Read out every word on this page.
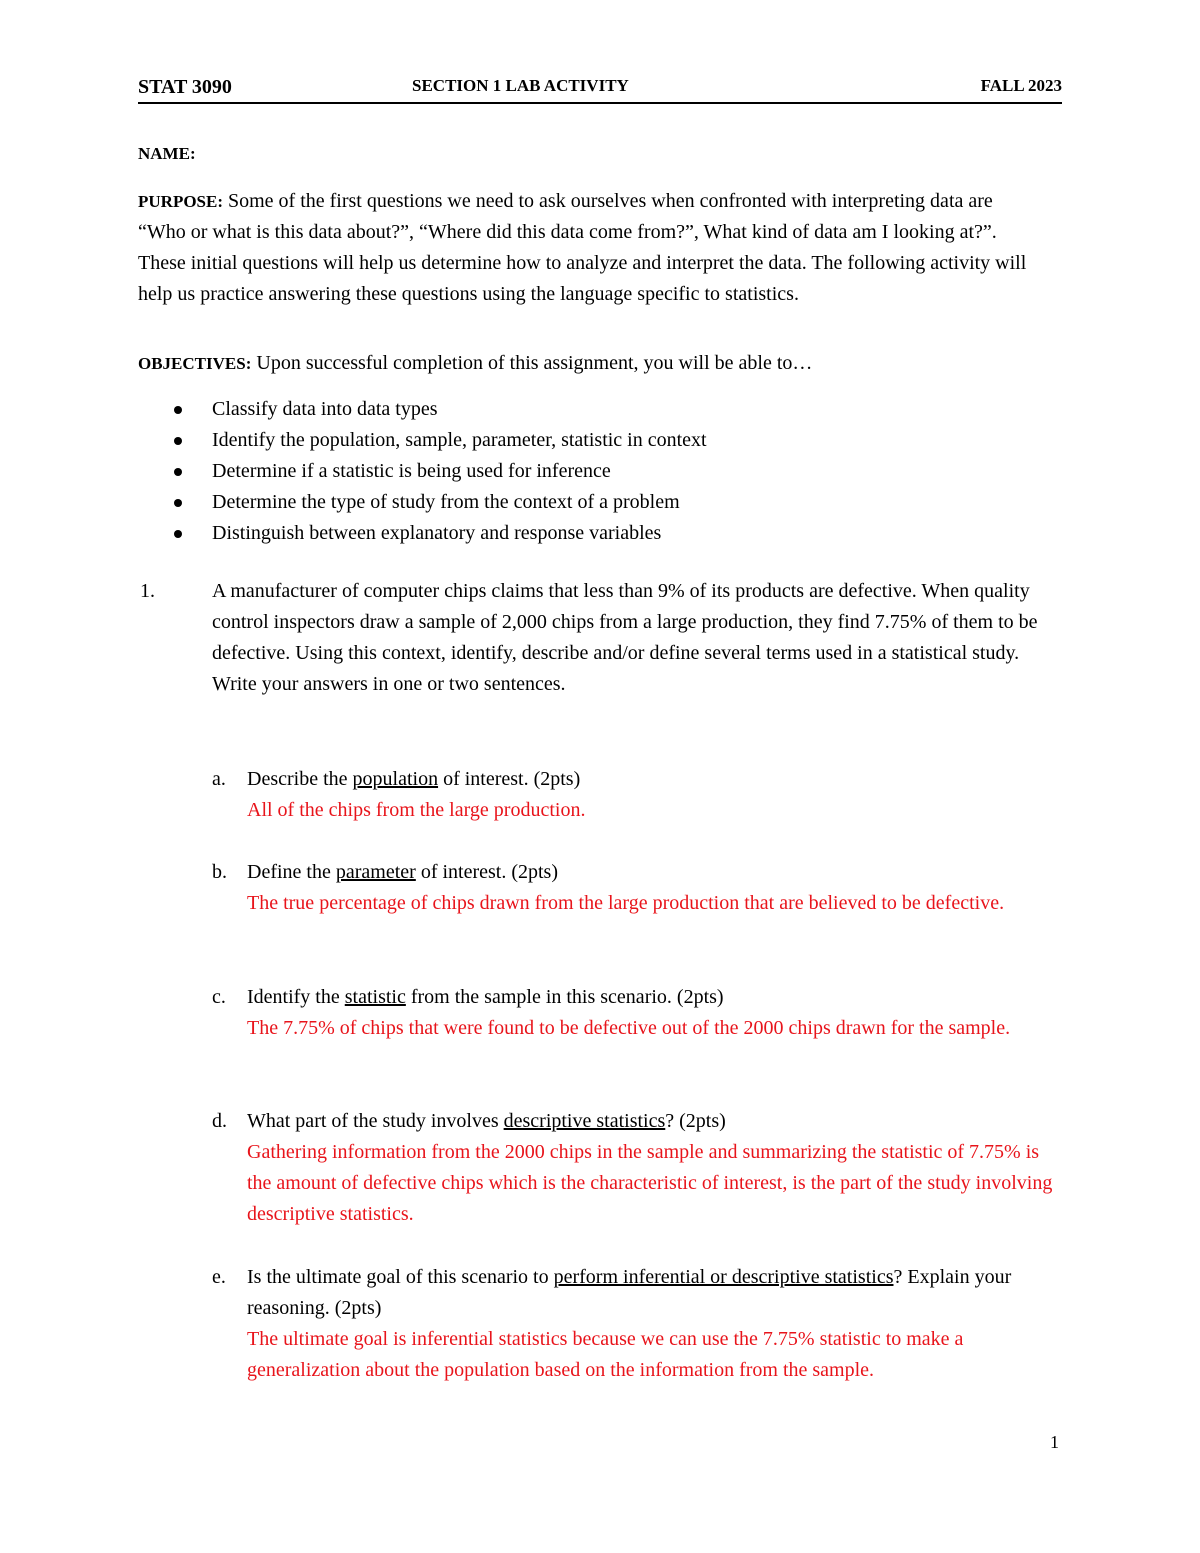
STAT 3090	SECTION 1 LAB ACTIVITY	FALL 2023
NAME:
PURPOSE: Some of the first questions we need to ask ourselves when confronted with interpreting data are “Who or what is this data about?”, “Where did this data come from?”, What kind of data am I looking at?”. These initial questions will help us determine how to analyze and interpret the data. The following activity will help us practice answering these questions using the language specific to statistics.
OBJECTIVES: Upon successful completion of this assignment, you will be able to…
Classify data into data types
Identify the population, sample, parameter, statistic in context
Determine if a statistic is being used for inference
Determine the type of study from the context of a problem
Distinguish between explanatory and response variables
1.	A manufacturer of computer chips claims that less than 9% of its products are defective. When quality control inspectors draw a sample of 2,000 chips from a large production, they find 7.75% of them to be defective. Using this context, identify, describe and/or define several terms used in a statistical study. Write your answers in one or two sentences.
a.	Describe the population of interest. (2pts)
All of the chips from the large production.
b.	Define the parameter of interest. (2pts)
The true percentage of chips drawn from the large production that are believed to be defective.
c.	Identify the statistic from the sample in this scenario. (2pts)
The 7.75% of chips that were found to be defective out of the 2000 chips drawn for the sample.
d.	What part of the study involves descriptive statistics? (2pts)
Gathering information from the 2000 chips in the sample and summarizing the statistic of 7.75% is the amount of defective chips which is the characteristic of interest, is the part of the study involving descriptive statistics.
e.	Is the ultimate goal of this scenario to perform inferential or descriptive statistics? Explain your reasoning. (2pts)
The ultimate goal is inferential statistics because we can use the 7.75% statistic to make a generalization about the population based on the information from the sample.
1
